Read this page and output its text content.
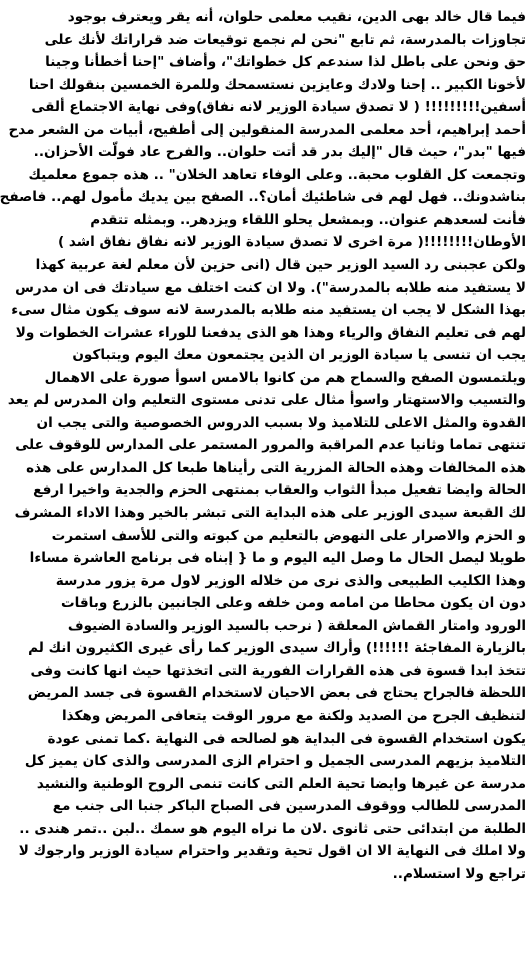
فيما قال خالد بهى الدين، نقيب معلمى حلوان، أنه يقر ويعترف بوجود
تجاوزات بالمدرسة، ثم تابع "نحن لم نجمع توقيعات ضد قراراتك لأنك على
حق ونحن على باطل لذا سندعم كل خطواتك"، وأضاف "إحنا أخطأنا وجينا
لأخونا الكبير .. إحنا ولادك وعايزين نستسمحك وللمرة الخمسين بنقولك احنا
أسفين!!!!!!!!! ( لا تصدق سيادة الوزير لانه نفاق)وفى نهاية الاجتماع ألقى
أحمد إبراهيم، أحد معلمى المدرسة المنقولين إلى أطفيح، أبيات من الشعر مدح
فيها "بدر"، حيث قال "إليك بدر قد أتت حلوان.. والفرح عاد فولّت الأحزان..
وتجمعت كل القلوب محبة.. وعلى الوفاء تعاهد الخلان" .. هذه جموع معلميك
بناشدونك.. فهل لهم فى شاطئيك أمان؟.. الصفح بين يديك مأمول لهم.. فاصفح
فأنت لسعدهم عنوان.. وبمشعل يحلو اللقاء ويزدهر.. وبمثله تتقدم
الأوطان!!!!!!!!( مرة اخرى لا تصدق سيادة الوزير لانه نفاق نفاق اشد )
ولكن عجبنى رد السيد الوزير حين قال (انى حزين لأن معلم لغة عربية كهذا
لا يستفيد منه طلابه بالمدرسة"). ولا ان كنت اختلف مع سيادتك فى ان مدرس
بهذا الشكل لا يجب ان يستفيد منه طلابه بالمدرسة لانه سوف يكون مثال سىء
لهم فى تعليم النفاق والرياء وهذا هو الذى يدفعنا للوراء عشرات الخطوات ولا
يجب ان تنسى يا سيادة الوزير ان الذين يجتمعون معك اليوم ويتباكون
ويلتمسون الصفح والسماح هم من كانوا بالامس اسوأ صورة على الاهمال
والتسيب والاستهتار واسوأ مثال على تدنى مستوى التعليم وان المدرس لم يعد
القدوة والمثل الاعلى للتلاميذ ولا بسبب الدروس الخصوصية والتى يجب ان
تنتهى تماما وثانيا عدم المراقبة والمرور المستمر على المدارس للوقوف على
هذه المخالفات وهذه الحالة المزرية التى رأيناها طبعا كل المدارس على هذه
الحالة وايضا تفعيل مبدأ الثواب والعقاب بمنتهى الحزم والجدية واخيرا ارفع
لك القبعة سيدى الوزير على هذه البداية التى تبشر بالخير وهذا الاداء المشرف
و الحزم والاصرار على النهوض بالتعليم من كبوته والتى للأسف استمرت
طويلا ليصل الحال ما وصل اليه اليوم و ما { إبناه فى برنامج العاشرة مساءا
وهذا الكليب الطبيعى والذى نرى من خلاله الوزير لاول مرة يزور مدرسة
دون ان يكون محاطا من امامه ومن خلفه وعلى الجانبين بالزرع وباقات
الورود وامتار القماش المعلقة ( نرحب بالسيد الوزير والسادة الضيوف
بالزيارة المفاجئة !!!!!!) وأراك سيدى الوزير كما رأى غيرى الكثيرون انك لم
تتخذ ابدا قسوة فى هذه القرارات الفورية التى اتخذتها حيث انها كانت وفى
اللحظة فالجراح يحتاج فى بعض الاحيان لاستخدام القسوة فى جسد المريض
لتنظيف الجرح من الصديد ولكنة مع مرور الوقت يتعافى المريض وهكذا
يكون استخدام القسوة فى البداية هو لصالحه فى النهاية .كما تمنى عودة
التلاميذ بزيهم المدرسى الجميل و احترام الزى المدرسى والذى كان يميز كل
مدرسة عن غيرها وايضا تحية العلم التى كانت تنمى الروح الوطنية والنشيد
المدرسى للطالب ووقوف المدرسين فى الصباح الباكر جنبا الى جنب مع
الطلبة من ابتدائى حتى ثانوى .لان ما نراه اليوم هو سمك ..لبن ..تمر هندى ..
ولا املك فى النهاية الا ان اقول تحية وتقدير واحترام سيادة الوزير وارجوك لا
تراجع ولا استسلام..
